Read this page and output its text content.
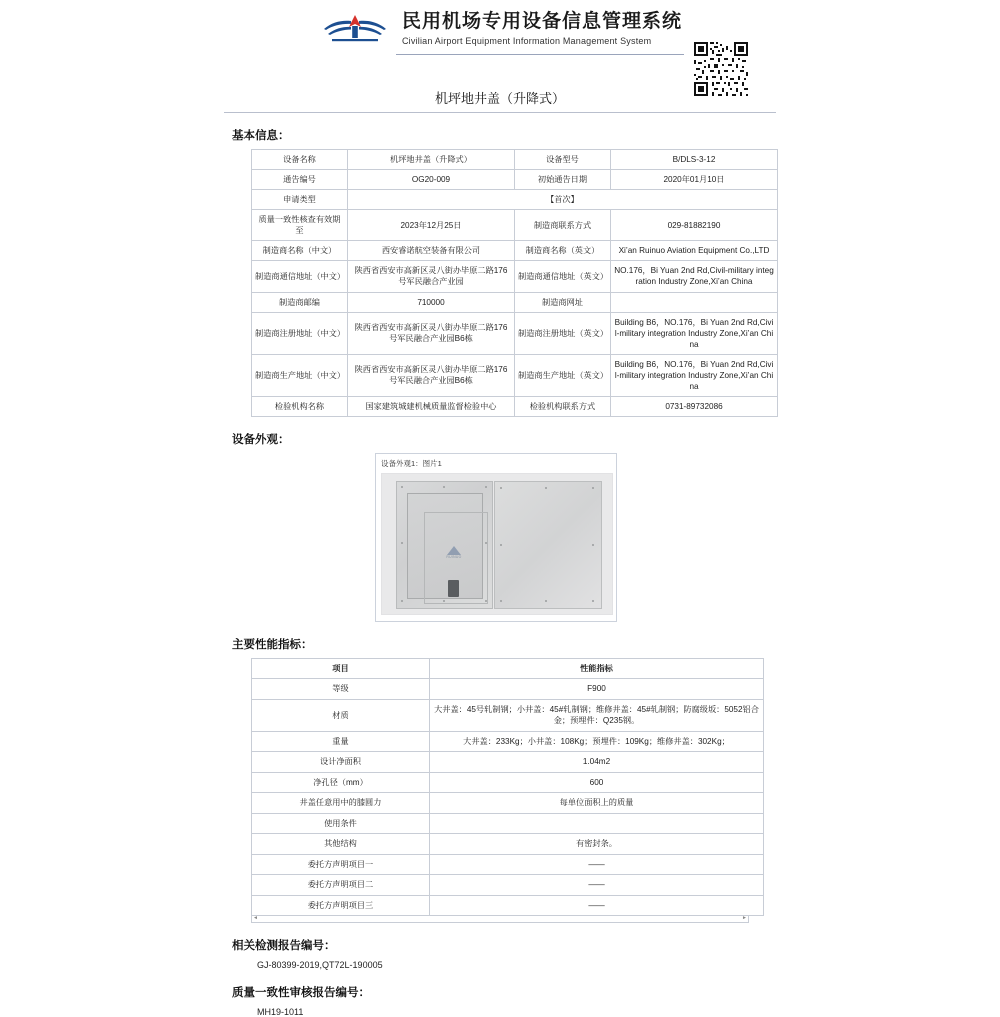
民用机场专用设备信息管理系统
Civilian Airport Equipment Information Management System
机坪地井盖（升降式）
基本信息：
设备名称	机坪地井盖（升降式）	设备型号	B/DLS-3-12
通告编号	OG20-009	初始通告日期	2020年01月10日
申请类型	【首次】		
质量一致性核查有效期至	2023年12月25日	制造商联系方式	029-81882190
制造商名称（中文）	西安睿诺航空装备有限公司	制造商名称（英文）	Xi’an Ruinuo Aviation Equipment Co.,LTD
制造商通信地址（中文）	陕西省西安市高新区灵八街办毕原二路176号军民融合产业园	制造商通信地址（英文）	NO.176，Bi Yuan 2nd Rd,Civil-military integration Industry Zone,Xi’an China
制造商邮编	710000	制造商网址	
制造商注册地址（中文）	陕西省西安市高新区灵八街办毕原二路176号军民融合产业园B6栋	制造商注册地址（英文）	Building B6，NO.176，Bi Yuan 2nd Rd,Civil-military integration Industry Zone,Xi’an China
制造商生产地址（中文）	陕西省西安市高新区灵八街办毕原二路176号军民融合产业园B6栋	制造商生产地址（英文）	Building B6，NO.176，Bi Yuan 2nd Rd,Civil-military integration Industry Zone,Xi’an China
检验机构名称	国家建筑城建机械质量监督检验中心	检验机构联系方式	0731-89732086
设备外观：
设备外观1：图片1
RUINUO
主要性能指标：
项目	性能指标
等级	F900
材质	大井盖：45号轧制钢；小井盖：45#轧制钢；维修井盖：45#轧制钢；防腐级坂：5052铝合金；预埋件：Q235钢。
重量	大井盖：233Kg；小井盖：108Kg；预埋件：109Kg；维修井盖：302Kg；
设计净面积	1.04m2
净孔径（mm）	600
井盖任意用中的膝圆力	每单位面积上的质量
使用条件	
其他结构	有密封条。
委托方声明项目一	——
委托方声明项目二	——
委托方声明项目三	——
◄	►
相关检测报告编号：
GJ-80399-2019,QT72L-190005
质量一致性审核报告编号：
MH19-1011
